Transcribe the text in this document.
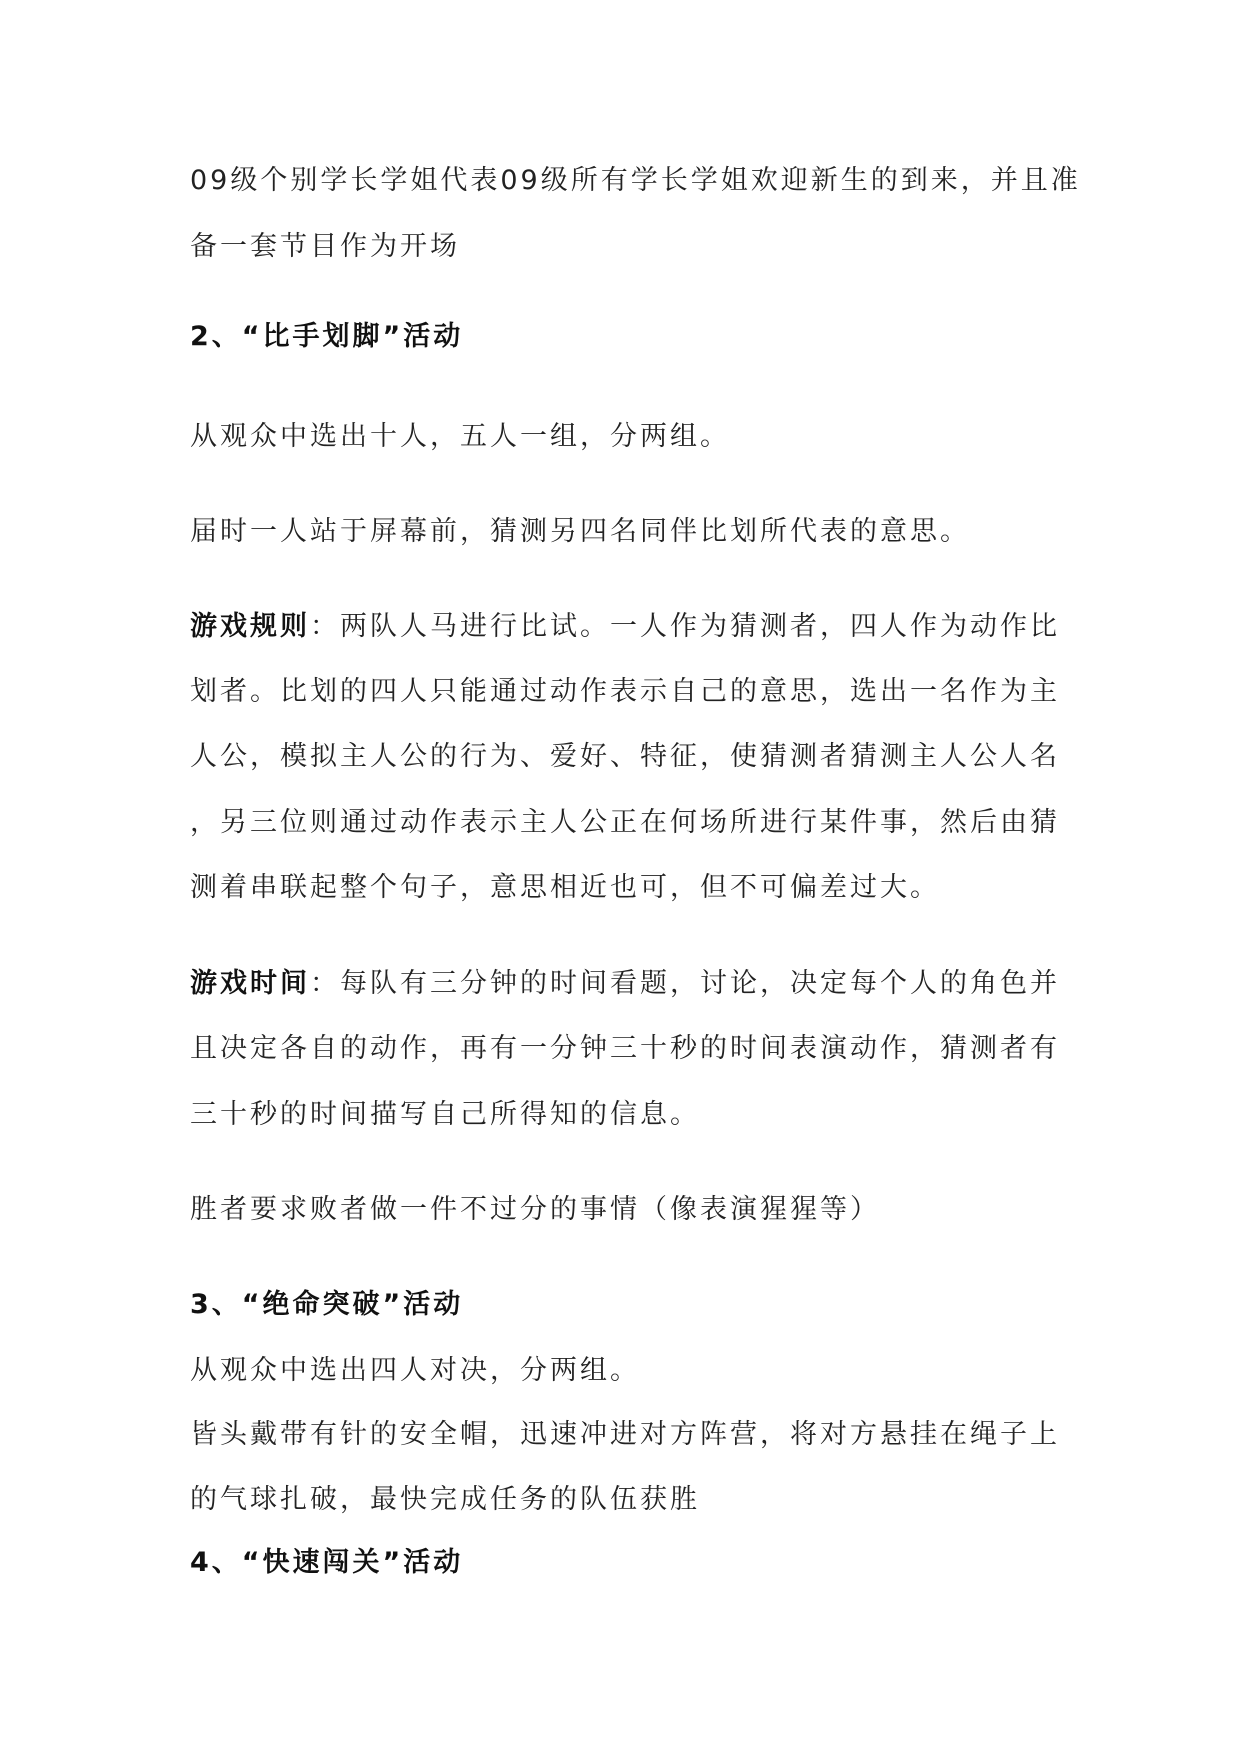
09级个别学长学姐代表09级所有学长学姐欢迎新生的到来，并且准
备一套节目作为开场
2、“比手划脚”活动
从观众中选出十人，五人一组，分两组。
届时一人站于屏幕前，猜测另四名同伴比划所代表的意思。
游戏规则：两队人马进行比试。一人作为猜测者，四人作为动作比
划者。比划的四人只能通过动作表示自己的意思，选出一名作为主
人公，模拟主人公的行为、爱好、特征，使猜测者猜测主人公人名
，另三位则通过动作表示主人公正在何场所进行某件事，然后由猜
测着串联起整个句子，意思相近也可，但不可偏差过大。
游戏时间：每队有三分钟的时间看题，讨论，决定每个人的角色并
且决定各自的动作，再有一分钟三十秒的时间表演动作，猜测者有
三十秒的时间描写自己所得知的信息。
胜者要求败者做一件不过分的事情（像表演猩猩等）
3、“绝命突破”活动
从观众中选出四人对决，分两组。
皆头戴带有针的安全帽，迅速冲进对方阵营，将对方悬挂在绳子上
的气球扎破，最快完成任务的队伍获胜
4、“快速闯关”活动
